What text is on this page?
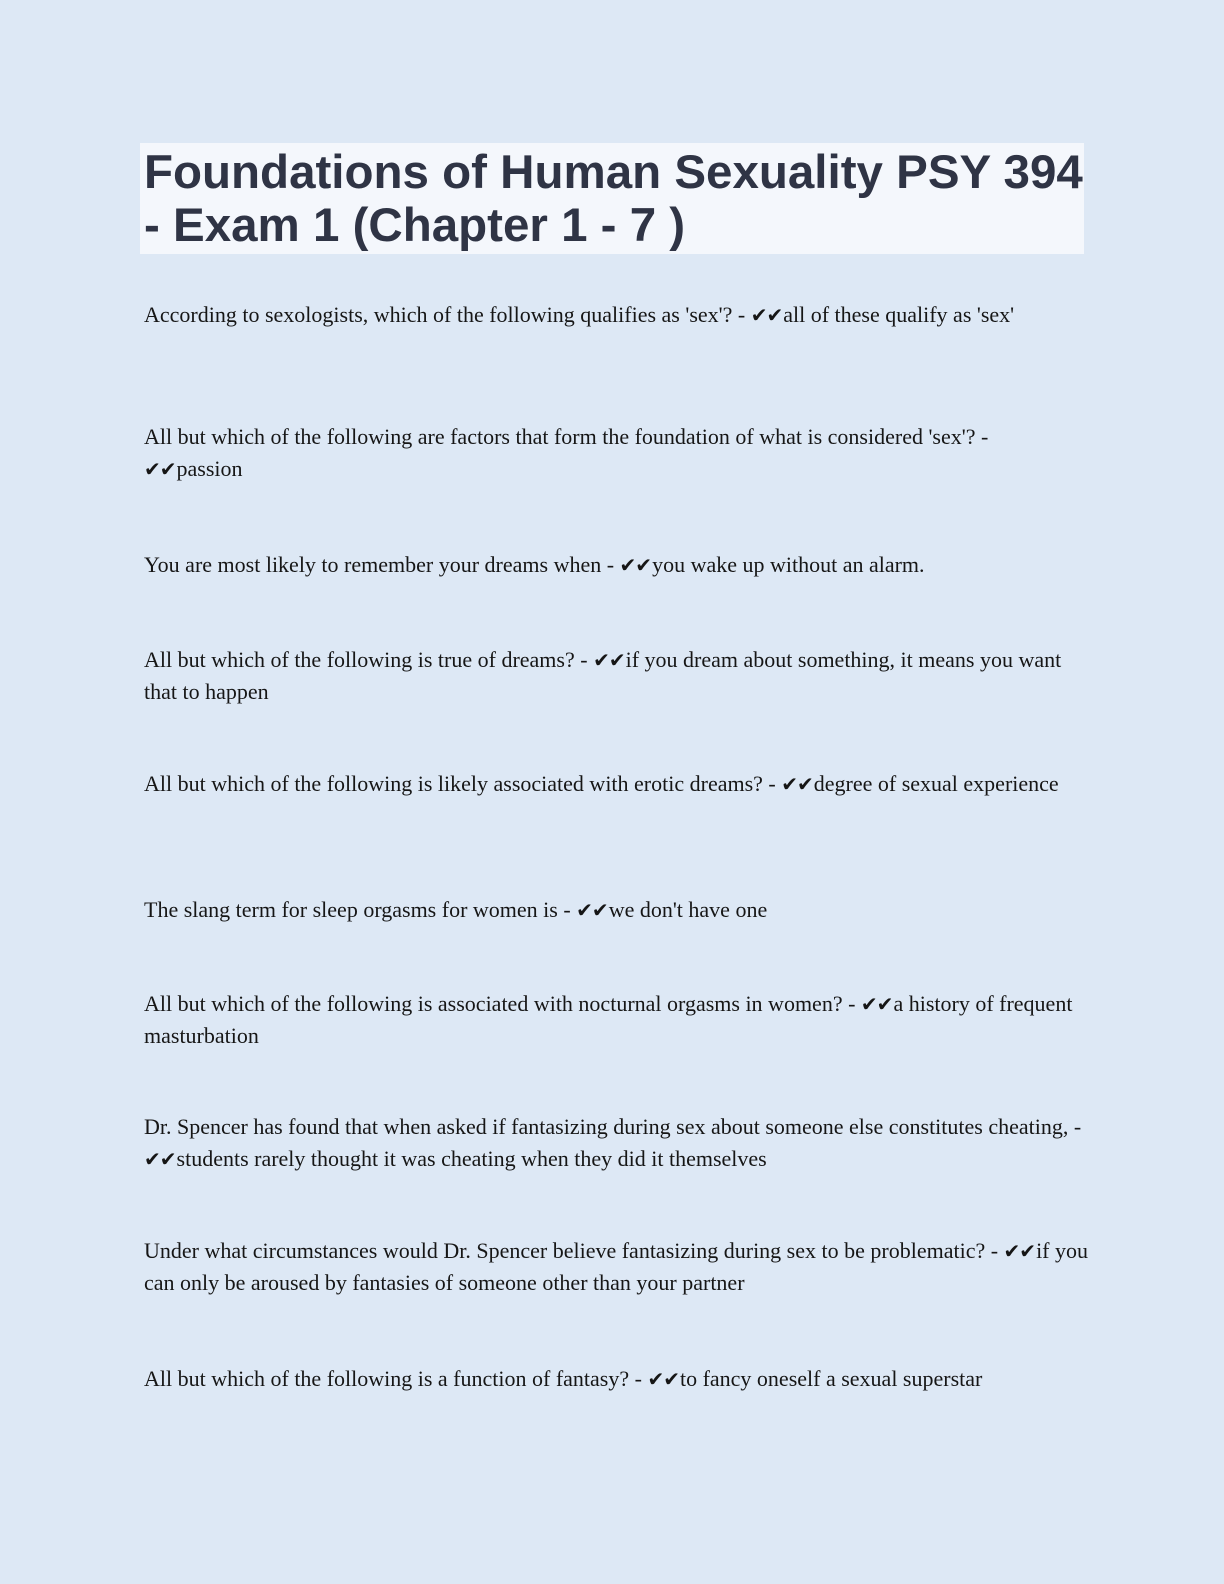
Foundations of Human Sexuality PSY 394 - Exam 1 (Chapter 1 - 7 )
According to sexologists, which of the following qualifies as 'sex'? - ✔✔all of these qualify as 'sex'
All but which of the following are factors that form the foundation of what is considered 'sex'? - ✔✔passion
You are most likely to remember your dreams when - ✔✔you wake up without an alarm.
All but which of the following is true of dreams? - ✔✔if you dream about something, it means you want that to happen
All but which of the following is likely associated with erotic dreams? - ✔✔degree of sexual experience
The slang term for sleep orgasms for women is - ✔✔we don't have one
All but which of the following is associated with nocturnal orgasms in women? - ✔✔a history of frequent masturbation
Dr. Spencer has found that when asked if fantasizing during sex about someone else constitutes cheating, - ✔✔students rarely thought it was cheating when they did it themselves
Under what circumstances would Dr. Spencer believe fantasizing during sex to be problematic? - ✔✔if you can only be aroused by fantasies of someone other than your partner
All but which of the following is a function of fantasy? - ✔✔to fancy oneself a sexual superstar
